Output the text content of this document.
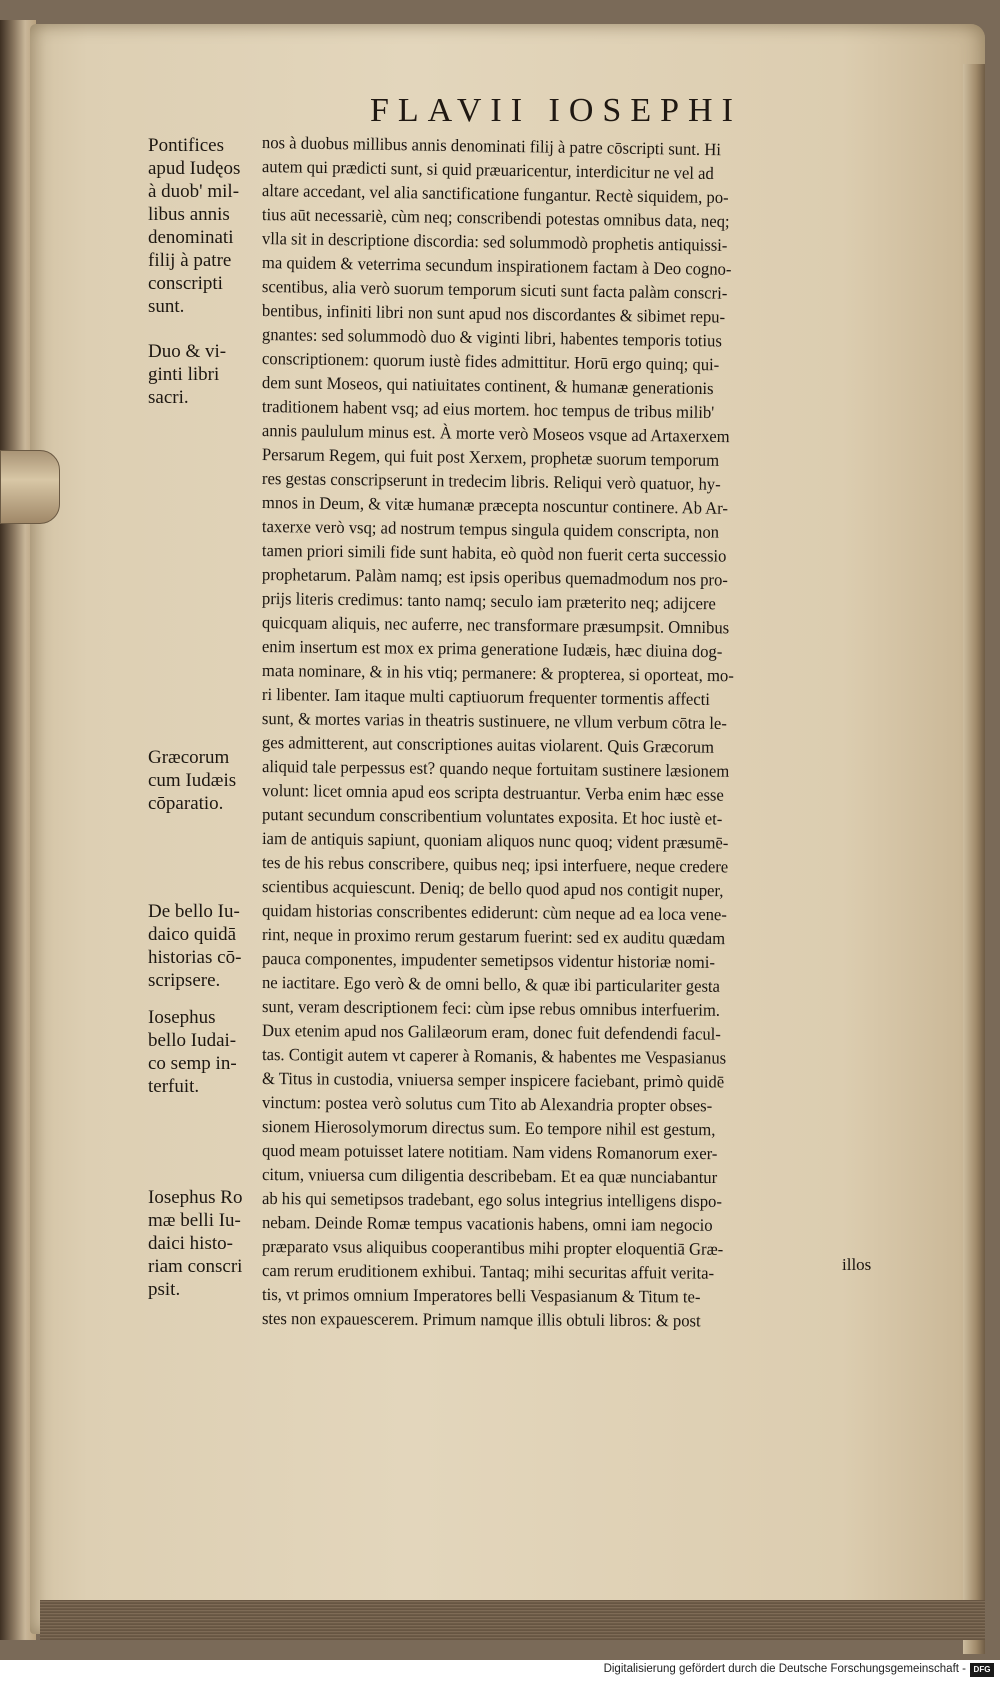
FLAVII IOSEPHI
Pontifices
apud Iudęos
à duob' mil-
libus annis
denominati
filij à patre
conscripti
sunt.
Duo & vi-
ginti libri
sacri.
Græcorum
cum Iudæis
cōparatio.
De bello Iu-
daico quidā
historias cō-
scripsere.
Iosephus
bello Iudai-
co semp in-
terfuit.
Iosephus Ro
mæ belli Iu-
daici histo-
riam conscri
psit.
nos à duobus millibus annis denominati filij à patre cōscripti sunt. Hi
autem qui prædicti sunt, si quid præuaricentur, interdicitur ne vel ad
altare accedant, vel alia sanctificatione fungantur. Rectè siquidem, po-
tius aūt necessariè, cùm neq; conscribendi potestas omnibus data, neq;
vlla sit in descriptione discordia: sed solummodò prophetis antiquissi-
ma quidem & veterrima secundum inspirationem factam à Deo cogno-
scentibus, alia verò suorum temporum sicuti sunt facta palàm conscri-
bentibus, infiniti libri non sunt apud nos discordantes & sibimet repu-
gnantes: sed solummodò duo & viginti libri, habentes temporis totius
conscriptionem: quorum iustè fides admittitur. Horū ergo quinq; qui-
dem sunt Moseos, qui natiuitates continent, & humanæ generationis
traditionem habent vsq; ad eius mortem. hoc tempus de tribus milib'
annis paululum minus est. À morte verò Moseos vsque ad Artaxerxem
Persarum Regem, qui fuit post Xerxem, prophetæ suorum temporum
res gestas conscripserunt in tredecim libris. Reliqui verò quatuor, hy-
mnos in Deum, & vitæ humanæ præcepta noscuntur continere. Ab Ar-
taxerxe verò vsq; ad nostrum tempus singula quidem conscripta, non
tamen priori simili fide sunt habita, eò quòd non fuerit certa successio
prophetarum. Palàm namq; est ipsis operibus quemadmodum nos pro-
prijs literis credimus: tanto namq; seculo iam præterito neq; adijcere
quicquam aliquis, nec auferre, nec transformare præsumpsit. Omnibus
enim insertum est mox ex prima generatione Iudæis, hæc diuina dog-
mata nominare, & in his vtiq; permanere: & propterea, si oporteat, mo-
ri libenter. Iam itaque multi captiuorum frequenter tormentis affecti
sunt, & mortes varias in theatris sustinuere, ne vllum verbum cōtra le-
ges admitterent, aut conscriptiones auitas violarent. Quis Græcorum
aliquid tale perpessus est? quando neque fortuitam sustinere læsionem
volunt: licet omnia apud eos scripta destruantur. Verba enim hæc esse
putant secundum conscribentium voluntates exposita. Et hoc iustè et-
iam de antiquis sapiunt, quoniam aliquos nunc quoq; vident præsumē-
tes de his rebus conscribere, quibus neq; ipsi interfuere, neque credere
scientibus acquiescunt. Deniq; de bello quod apud nos contigit nuper,
quidam historias conscribentes ediderunt: cùm neque ad ea loca vene-
rint, neque in proximo rerum gestarum fuerint: sed ex auditu quædam
pauca componentes, impudenter semetipsos videntur historiæ nomi-
ne iactitare. Ego verò & de omni bello, & quæ ibi particulariter gesta
sunt, veram descriptionem feci: cùm ipse rebus omnibus interfuerim.
Dux etenim apud nos Galilæorum eram, donec fuit defendendi facul-
tas. Contigit autem vt caperer à Romanis, & habentes me Vespasianus
& Titus in custodia, vniuersa semper inspicere faciebant, primò quidē
vinctum: postea verò solutus cum Tito ab Alexandria propter obses-
sionem Hierosolymorum directus sum. Eo tempore nihil est gestum,
quod meam potuisset latere notitiam. Nam videns Romanorum exer-
citum, vniuersa cum diligentia describebam. Et ea quæ nunciabantur
ab his qui semetipsos tradebant, ego solus integrius intelligens dispo-
nebam. Deinde Romæ tempus vacationis habens, omni iam negocio
præparato vsus aliquibus cooperantibus mihi propter eloquentiā Græ-
cam rerum eruditionem exhibui. Tantaq; mihi securitas affuit verita-
tis, vt primos omnium Imperatores belli Vespasianum & Titum te-
stes non expauescerem. Primum namque illis obtuli libros: & post
illos
Digitalisierung gefördert durch die Deutsche Forschungsgemeinschaft - DFG
